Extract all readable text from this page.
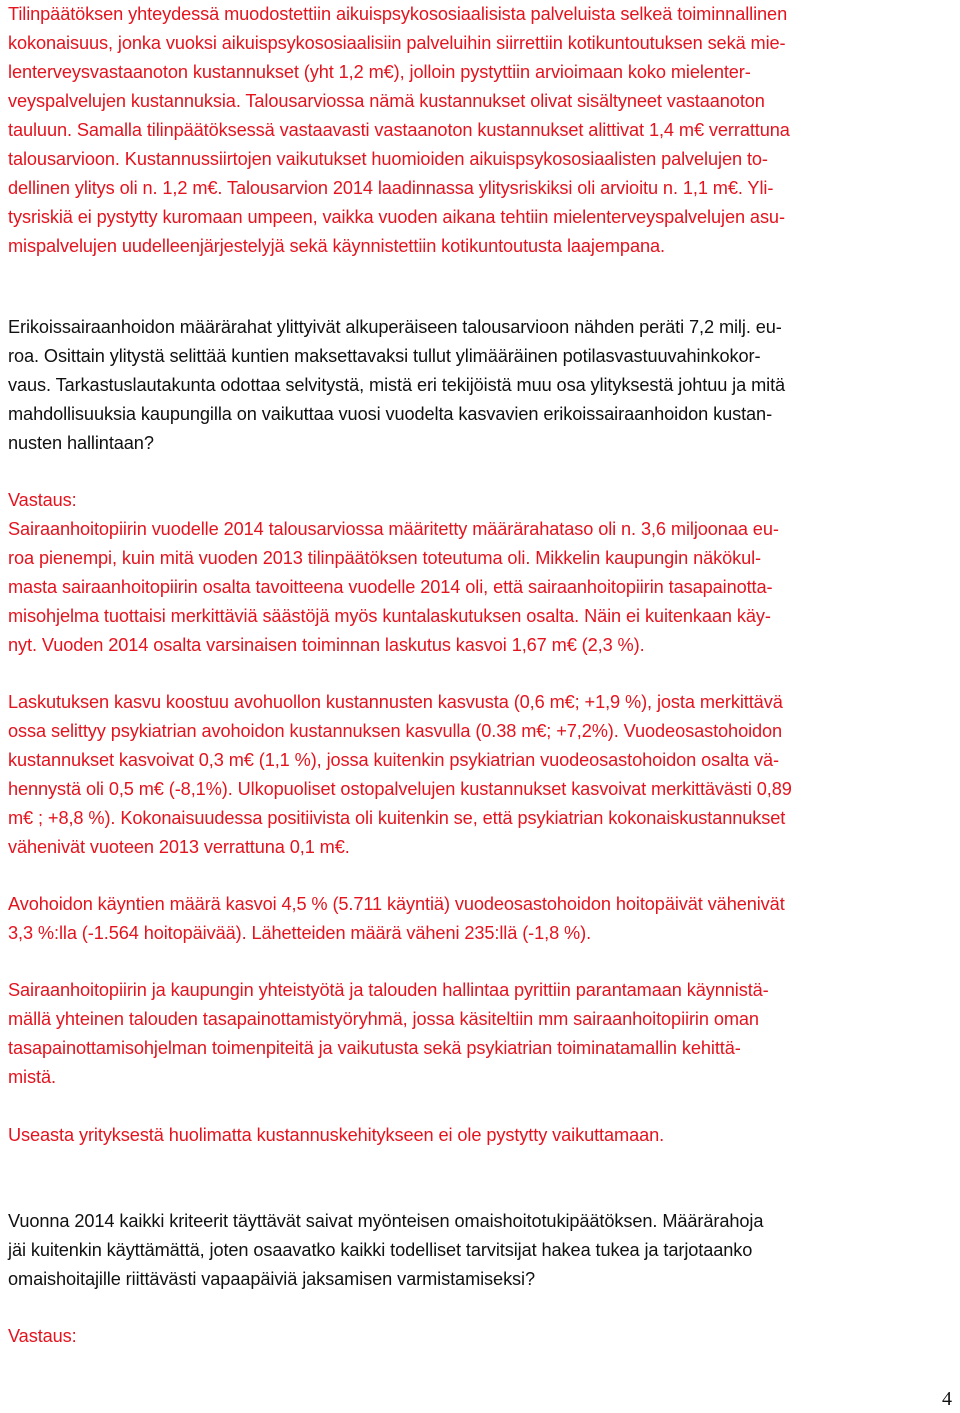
Tilinpäätöksen yhteydessä muodostettiin aikuispsykososiaalisista palveluista selkeä toiminnallinen
kokonaisuus, jonka vuoksi aikuispsykososiaalisiin palveluihin siirrettiin kotikuntoutuksen sekä mie-
lenterveysvastaanoton kustannukset (yht 1,2 m€), jolloin pystyttiin arvioimaan koko mielenter-
veyspalvelujen kustannuksia. Talousarviossa nämä kustannukset olivat sisältyneet vastaanoton
tauluun. Samalla tilinpäätöksessä vastaavasti vastaanoton kustannukset alittivat 1,4 m€ verrattuna
talousarvioon. Kustannussiirtojen vaikutukset huomioiden aikuispsykososiaalisten palvelujen to-
dellinen ylitys oli n. 1,2 m€. Talousarvion 2014 laadinnassa ylitysriskiksi oli arvioitu n. 1,1 m€. Yli-
tysriskiä ei pystytty kuromaan umpeen, vaikka vuoden aikana tehtiin mielenterveyspalvelujen asu-
mispalvelujen uudelleenjärjestelyjä sekä käynnistettiin kotikuntoutusta laajempana.
Erikoissairaanhoidon määrärahat ylittyivät alkuperäiseen talousarvioon nähden peräti 7,2 milj. eu-
roa. Osittain ylitystä selittää kuntien maksettavaksi tullut ylimääräinen potilasvastuuvahinkokor-
vaus. Tarkastuslautakunta odottaa selvitystä, mistä eri tekijöistä muu osa ylityksestä johtuu ja mitä
mahdollisuuksia kaupungilla on vaikuttaa vuosi vuodelta kasvavien erikoissairaanhoidon kustan-
nusten hallintaan?
Vastaus:
Sairaanhoitopiirin vuodelle 2014 talousarviossa määritetty määrärahataso oli n. 3,6 miljoonaa eu-
roa pienempi, kuin mitä vuoden 2013 tilinpäätöksen toteutuma oli. Mikkelin kaupungin näkökul-
masta sairaanhoitopiirin osalta tavoitteena vuodelle 2014 oli, että sairaanhoitopiirin tasapainotta-
misohjelma tuottaisi merkittäviä säästöjä myös kuntalaskutuksen osalta. Näin ei kuitenkaan käy-
nyt. Vuoden 2014 osalta varsinaisen toiminnan laskutus kasvoi 1,67 m€ (2,3 %).
Laskutuksen kasvu koostuu avohuollon kustannusten kasvusta (0,6 m€; +1,9 %), josta merkittävä
ossa selittyy psykiatrian avohoidon kustannuksen kasvulla (0.38 m€; +7,2%). Vuodeosastohoidon
kustannukset kasvoivat 0,3 m€ (1,1 %), jossa kuitenkin psykiatrian vuodeosastohoidon osalta vä-
hennystä oli 0,5 m€ (-8,1%). Ulkopuoliset ostopalvelujen kustannukset kasvoivat merkittävästi 0,89
m€ ; +8,8 %). Kokonaisuudessa positiivista oli kuitenkin se, että psykiatrian kokonaiskustannukset
vähenivät vuoteen 2013 verrattuna 0,1 m€.
Avohoidon käyntien määrä kasvoi 4,5 % (5.711 käyntiä) vuodeosastohoidon hoitopäivät vähenivät
3,3 %:lla (-1.564 hoitopäivää). Lähetteiden määrä väheni 235:llä (-1,8 %).
Sairaanhoitopiirin ja kaupungin yhteistyötä ja talouden hallintaa pyrittiin parantamaan käynnistä-
mällä yhteinen talouden tasapainottamistyöryhmä, jossa käsiteltiin mm sairaanhoitopiirin oman
tasapainottamisohjelman toimenpiteitä ja vaikutusta sekä psykiatrian toiminatamallin kehittä-
mistä.
Useasta yrityksestä huolimatta kustannuskehitykseen ei ole pystytty vaikuttamaan.
Vuonna 2014 kaikki kriteerit täyttävät saivat myönteisen omaishoitotukipäätöksen. Määrärahoja
jäi kuitenkin käyttämättä, joten osaavatko kaikki todelliset tarvitsijat hakea tukea ja tarjotaanko
omaishoitajille riittävästi vapaapäiviä jaksamisen varmistamiseksi?
Vastaus:
4
